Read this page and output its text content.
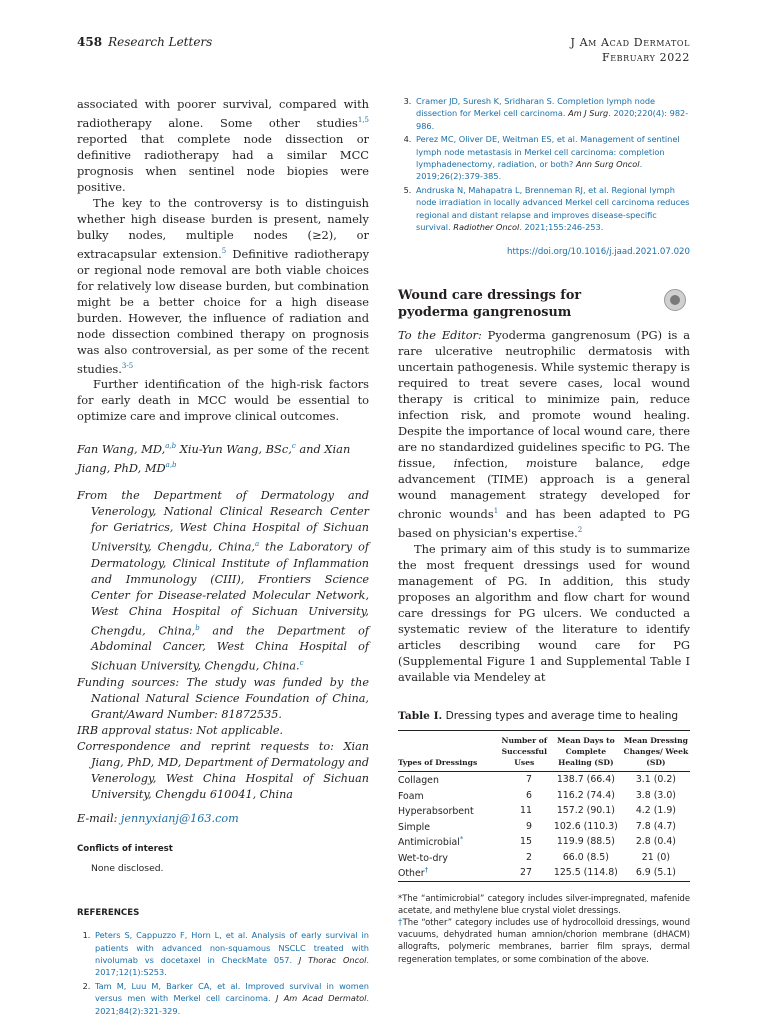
458 Research Letters	J Am Acad Dermatol
February 2022

associated with poorer survival, compared with radiotherapy alone. Some other studies$^{1,5}$ reported that complete node dissection or definitive radiotherapy had a similar MCC prognosis when sentinel node biopies were positive.

The key to the controversy is to distinguish whether high disease burden is present, namely bulky nodes, multiple nodes (≥2), or extracapsular extension.$^5$ Definitive radiotherapy or regional node removal are both viable choices for relatively low disease burden, but combination might be a better choice for a high disease burden. However, the influence of radiation and node dissection combined therapy on prognosis was also controversial, as per some of the recent studies.$^{3-5}$

Further identification of the high-risk factors for early death in MCC would be essential to optimize care and improve clinical outcomes.

Fan Wang, MD,$^{a,b}$ Xiu-Yun Wang, BSc,$^c$ and Xian Jiang, PhD, MD$^{a,b}$

From the Department of Dermatology and Venerology, National Clinical Research Center for Geriatrics, West China Hospital of Sichuan University, Chengdu, China,$^a$ the Laboratory of Dermatology, Clinical Institute of Inflammation and Immunology (CIII), Frontiers Science Center for Disease-related Molecular Network, West China Hospital of Sichuan University, Chengdu, China,$^b$ and the Department of Abdominal Cancer, West China Hospital of Sichuan University, Chengdu, China.$^c$

Funding sources: The study was funded by the National Natural Science Foundation of China, Grant/Award Number: 81872535.

IRB approval status: Not applicable.

Correspondence and reprint requests to: Xian Jiang, PhD, MD, Department of Dermatology and Venerology, West China Hospital of Sichuan University, Chengdu 610041, China

E-mail: jennyxianj@163.com

Conflicts of interest
None disclosed.
REFERENCES
1. Peters S, Cappuzzo F, Horn L, et al. Analysis of early survival in patients with advanced non-squamous NSCLC treated with nivolumab vs docetaxel in CheckMate 057. J Thorac Oncol. 2017;12(1):S253.
2. Tam M, Luu M, Barker CA, et al. Improved survival in women versus men with Merkel cell carcinoma. J Am Acad Dermatol. 2021;84(2):321-329.
3. Cramer JD, Suresh K, Sridharan S. Completion lymph node dissection for Merkel cell carcinoma. Am J Surg. 2020;220(4): 982-986.
4. Perez MC, Oliver DE, Weitman ES, et al. Management of sentinel lymph node metastasis in Merkel cell carcinoma: completion lymphadenectomy, radiation, or both? Ann Surg Oncol. 2019;26(2):379-385.
5. Andruska N, Mahapatra L, Brenneman RJ, et al. Regional lymph node irradiation in locally advanced Merkel cell carcinoma reduces regional and distant relapse and improves disease-specific survival. Radiother Oncol. 2021;155:246-253.
https://doi.org/10.1016/j.jaad.2021.07.020
Wound care dressings for pyoderma gangrenosum

To the Editor: Pyoderma gangrenosum (PG) is a rare ulcerative neutrophilic dermatosis with uncertain pathogenesis. While systemic therapy is required to treat severe cases, local wound therapy is critical to minimize pain, reduce infection risk, and promote wound healing. Despite the importance of local wound care, there are no standardized guidelines specific to PG. The tissue, infection, moisture balance, edge advancement (TIME) approach is a general wound management strategy developed for chronic wounds$^1$ and has been adapted to PG based on physician's expertise.$^2$

The primary aim of this study is to summarize the most frequent dressings used for wound management of PG. In addition, this study proposes an algorithm and flow chart for wound care dressings for PG ulcers. We conducted a systematic review of the literature to identify articles describing wound care for PG (Supplemental Figure 1 and Supplemental Table I available via Mendeley at

Table I. Dressing types and average time to healing
Types of Dressings	Number of Successful Uses	Mean Days to Complete Healing (SD)	Mean Dressing Changes/ Week (SD)
Collagen	7	138.7 (66.4)	3.1 (0.2)
Foam	6	116.2 (74.4)	3.8 (3.0)
Hyperabsorbent	11	157.2 (90.1)	4.2 (1.9)
Simple	9	102.6 (110.3)	7.8 (4.7)
Antimicrobial*	15	119.9 (88.5)	2.8 (0.4)
Wet-to-dry	2	66.0 (8.5)	21 (0)
Other†	27	125.5 (114.8)	6.9 (5.1)
*The “antimicrobial” category includes silver-impregnated, mafenide acetate, and methylene blue crystal violet dressings.
†The “other” category includes use of hydrocolloid dressings, wound vacuums, dehydrated human amnion/chorion membrane (dHACM) allografts, polymeric membranes, barrier film sprays, dermal regeneration templates, or some combination of the above.
